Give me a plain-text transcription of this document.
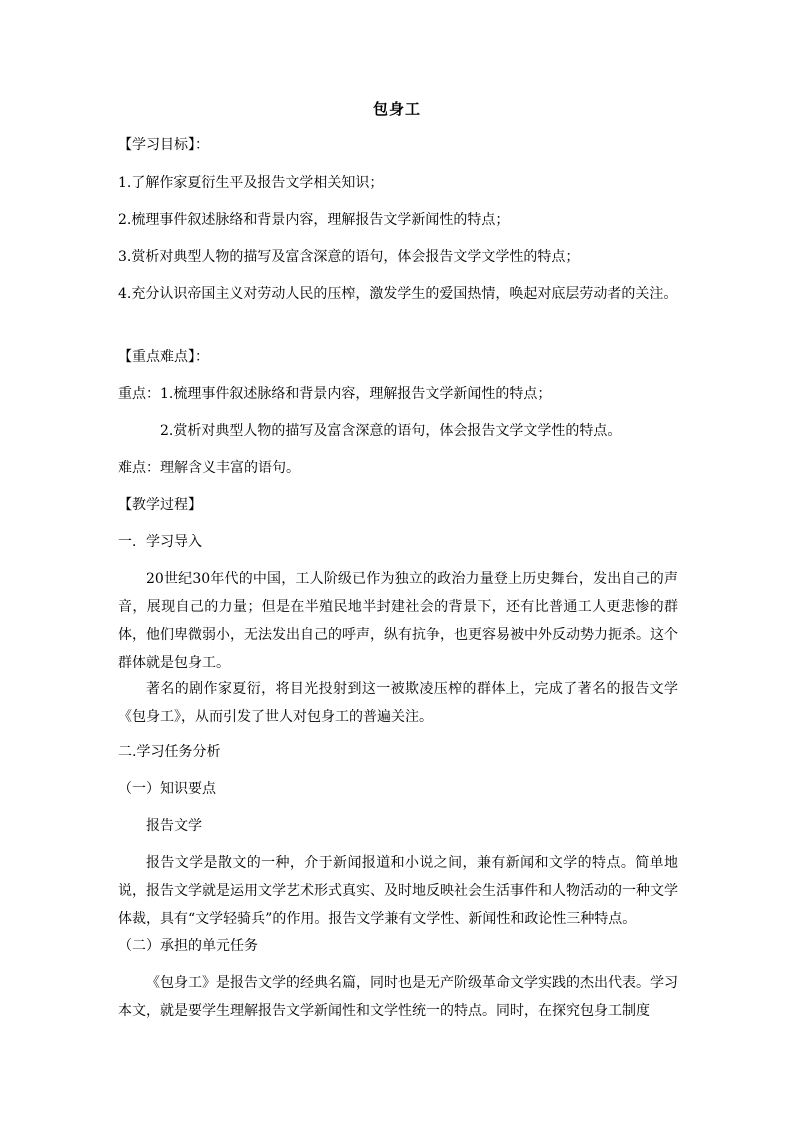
包身工
【学习目标】：
1.了解作家夏衍生平及报告文学相关知识；
2.梳理事件叙述脉络和背景内容，理解报告文学新闻性的特点；
3.赏析对典型人物的描写及富含深意的语句，体会报告文学文学性的特点；
4.充分认识帝国主义对劳动人民的压榨，激发学生的爱国热情，唤起对底层劳动者的关注。
【重点难点】：
重点：1.梳理事件叙述脉络和背景内容，理解报告文学新闻性的特点；
2.赏析对典型人物的描写及富含深意的语句，体会报告文学文学性的特点。
难点：理解含义丰富的语句。
【教学过程】
一．学习导入
20世纪30年代的中国，工人阶级已作为独立的政治力量登上历史舞台，发出自己的声音，展现自己的力量；但是在半殖民地半封建社会的背景下，还有比普通工人更悲惨的群体，他们卑微弱小，无法发出自己的呼声，纵有抗争，也更容易被中外反动势力扼杀。这个群体就是包身工。
著名的剧作家夏衍，将目光投射到这一被欺凌压榨的群体上，完成了著名的报告文学《包身工》，从而引发了世人对包身工的普遍关注。
二.学习任务分析
（一）知识要点
报告文学
报告文学是散文的一种，介于新闻报道和小说之间，兼有新闻和文学的特点。简单地说，报告文学就是运用文学艺术形式真实、及时地反映社会生活事件和人物活动的一种文学体裁，具有“文学轻骑兵”的作用。报告文学兼有文学性、新闻性和政论性三种特点。
（二）承担的单元任务
《包身工》是报告文学的经典名篇，同时也是无产阶级革命文学实践的杰出代表。学习本文，就是要学生理解报告文学新闻性和文学性统一的特点。同时，在探究包身工制度
